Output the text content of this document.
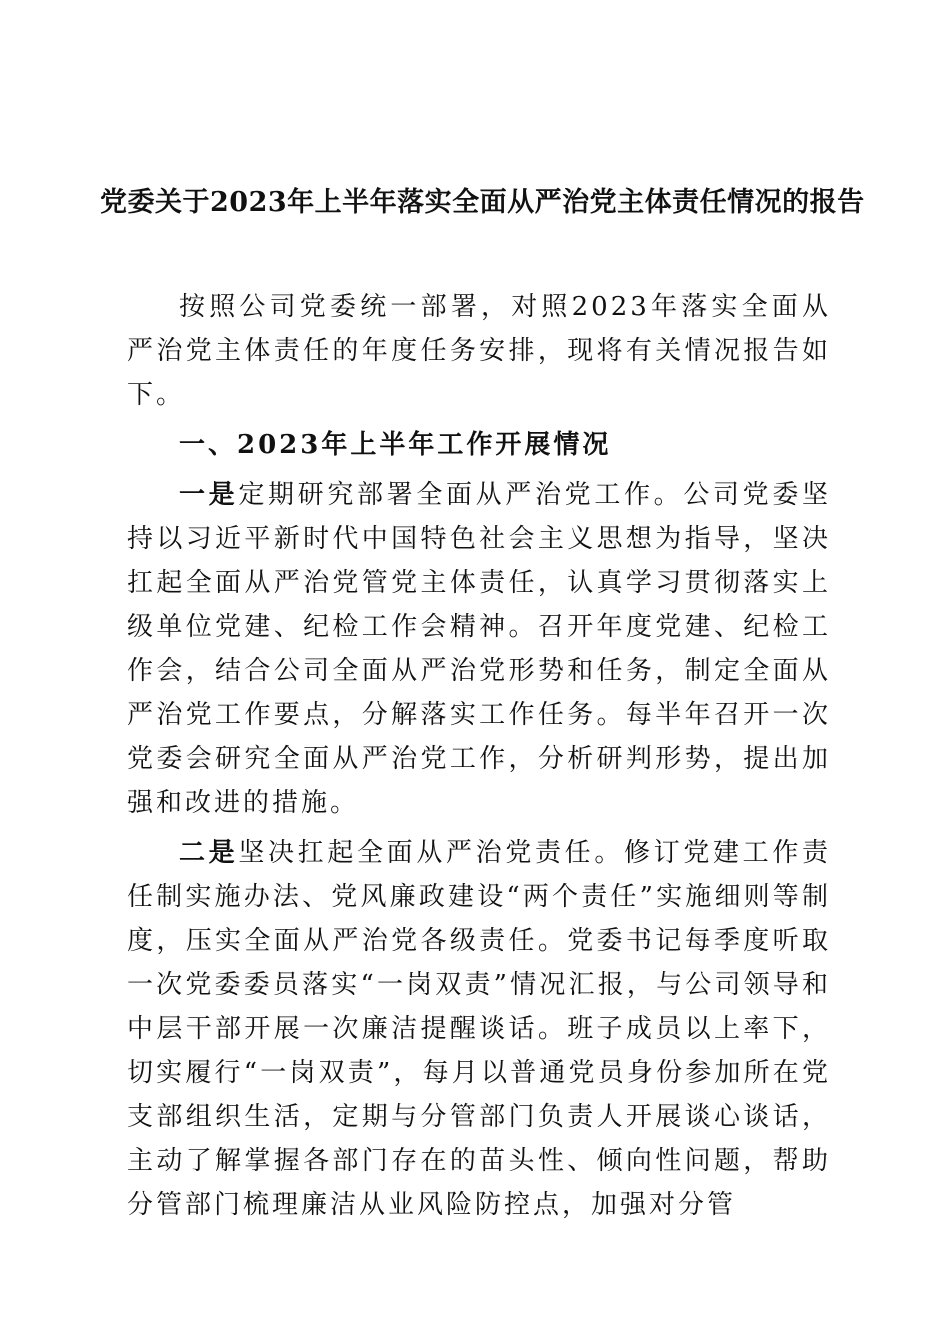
党委关于2023年上半年落实全面从严治党主体责任情况的报告

按照公司党委统一部署，对照2023年落实全面从严治党主体责任的年度任务安排，现将有关情况报告如下。

一、2023年上半年工作开展情况

一是定期研究部署全面从严治党工作。公司党委坚持以习近平新时代中国特色社会主义思想为指导，坚决扛起全面从严治党管党主体责任，认真学习贯彻落实上级单位党建、纪检工作会精神。召开年度党建、纪检工作会，结合公司全面从严治党形势和任务，制定全面从严治党工作要点，分解落实工作任务。每半年召开一次党委会研究全面从严治党工作，分析研判形势，提出加强和改进的措施。

二是坚决扛起全面从严治党责任。修订党建工作责任制实施办法、党风廉政建设“两个责任”实施细则等制度，压实全面从严治党各级责任。党委书记每季度听取一次党委委员落实“一岗双责”情况汇报，与公司领导和中层干部开展一次廉洁提醒谈话。班子成员以上率下，切实履行“一岗双责”，每月以普通党员身份参加所在党支部组织生活，定期与分管部门负责人开展谈心谈话，主动了解掌握各部门存在的苗头性、倾向性问题，帮助分管部门梳理廉洁从业风险防控点，加强对分管
